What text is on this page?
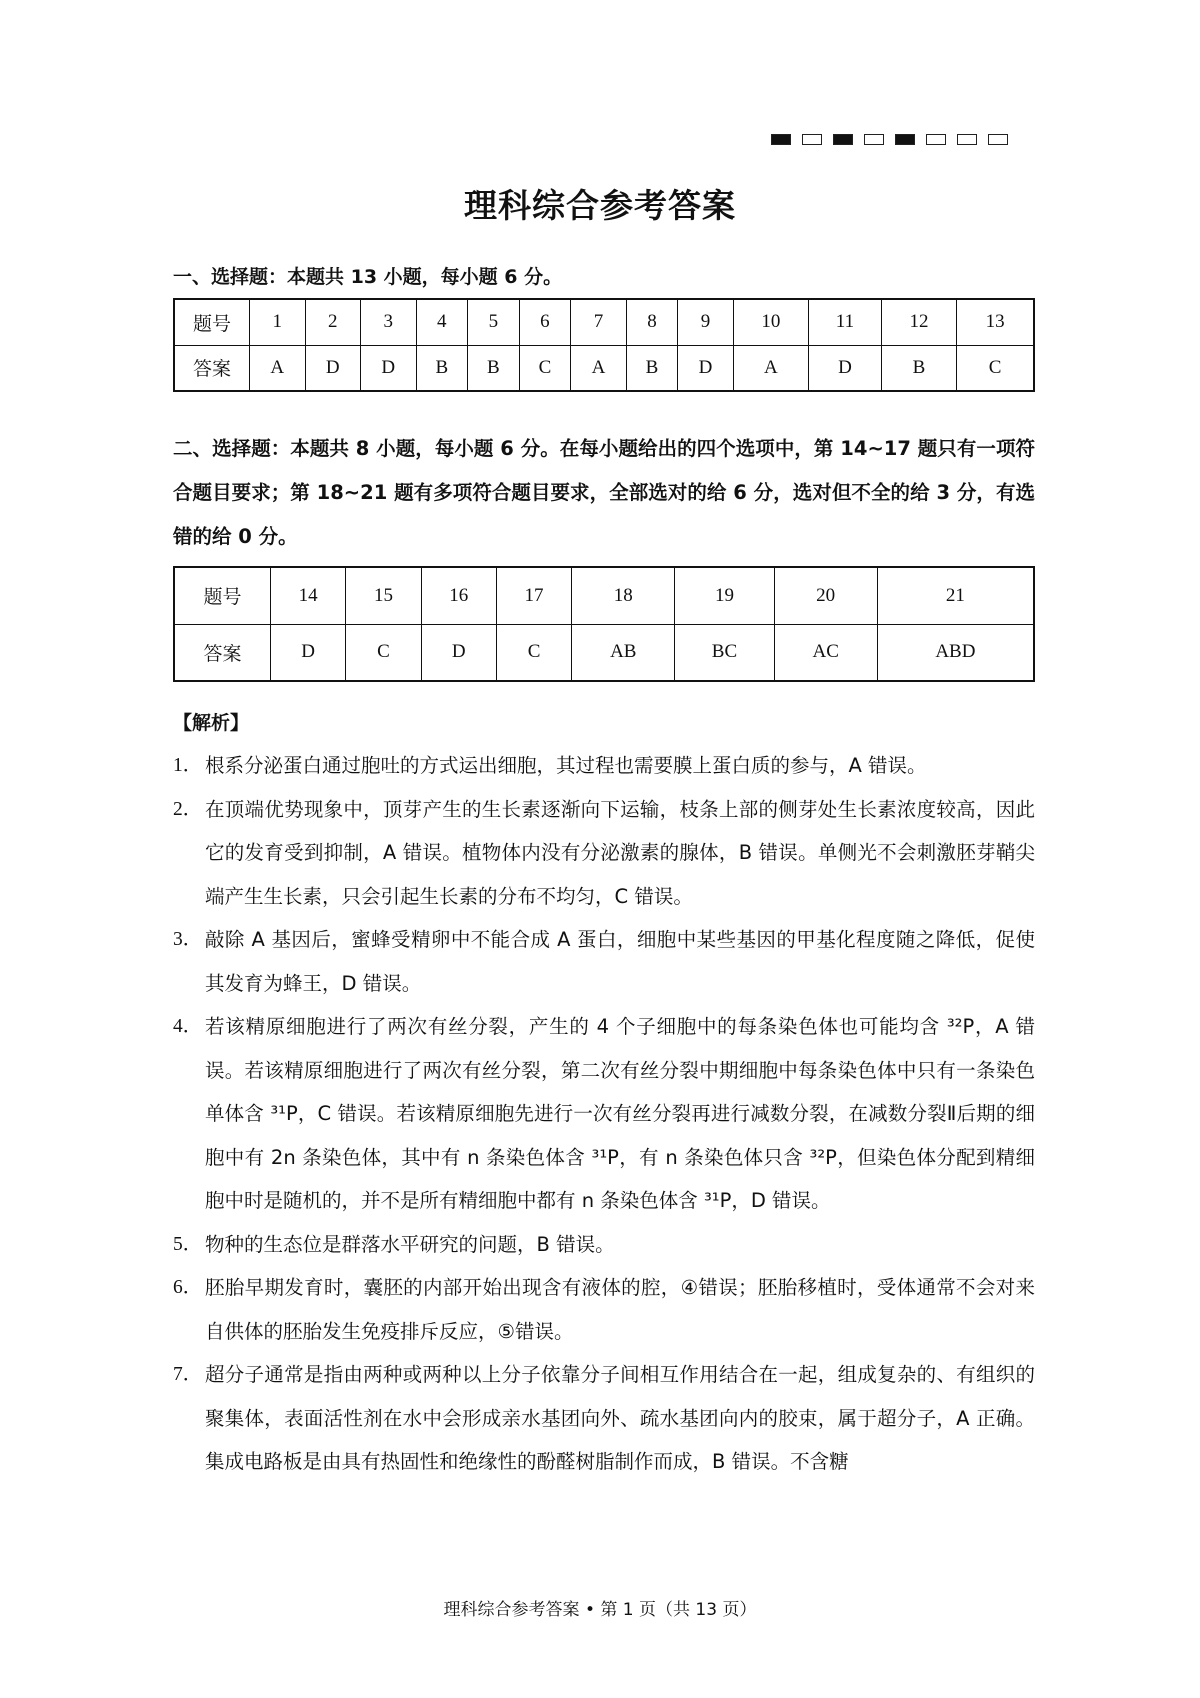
理科综合参考答案
一、选择题：本题共 13 小题，每小题 6 分。
题号	1	2	3	4	5	6	7	8	9	10	11	12	13
答案	A	D	D	B	B	C	A	B	D	A	D	B	C
二、选择题：本题共 8 小题，每小题 6 分。在每小题给出的四个选项中，第 14~17 题只有一项符合题目要求；第 18~21 题有多项符合题目要求，全部选对的给 6 分，选对但不全的给 3 分，有选错的给 0 分。
题号	14	15	16	17	18	19	20	21
答案	D	C	D	C	AB	BC	AC	ABD
【解析】
1． 根系分泌蛋白通过胞吐的方式运出细胞，其过程也需要膜上蛋白质的参与，A 错误。
2． 在顶端优势现象中，顶芽产生的生长素逐渐向下运输，枝条上部的侧芽处生长素浓度较高，因此它的发育受到抑制，A 错误。植物体内没有分泌激素的腺体，B 错误。单侧光不会刺激胚芽鞘尖端产生生长素，只会引起生长素的分布不均匀，C 错误。
3． 敲除 A 基因后，蜜蜂受精卵中不能合成 A 蛋白，细胞中某些基因的甲基化程度随之降低，促使其发育为蜂王，D 错误。
4． 若该精原细胞进行了两次有丝分裂，产生的 4 个子细胞中的每条染色体也可能均含 ³²P，A 错误。若该精原细胞进行了两次有丝分裂，第二次有丝分裂中期细胞中每条染色体中只有一条染色单体含 ³¹P，C 错误。若该精原细胞先进行一次有丝分裂再进行减数分裂，在减数分裂Ⅱ后期的细胞中有 2n 条染色体，其中有 n 条染色体含 ³¹P，有 n 条染色体只含 ³²P，但染色体分配到精细胞中时是随机的，并不是所有精细胞中都有 n 条染色体含 ³¹P，D 错误。
5． 物种的生态位是群落水平研究的问题，B 错误。
6． 胚胎早期发育时，囊胚的内部开始出现含有液体的腔，④错误；胚胎移植时，受体通常不会对来自供体的胚胎发生免疫排斥反应，⑤错误。
7． 超分子通常是指由两种或两种以上分子依靠分子间相互作用结合在一起，组成复杂的、有组织的聚集体，表面活性剂在水中会形成亲水基团向外、疏水基团向内的胶束，属于超分子，A 正确。集成电路板是由具有热固性和绝缘性的酚醛树脂制作而成，B 错误。不含糖
理科综合参考答案 • 第 1 页（共 13 页）
